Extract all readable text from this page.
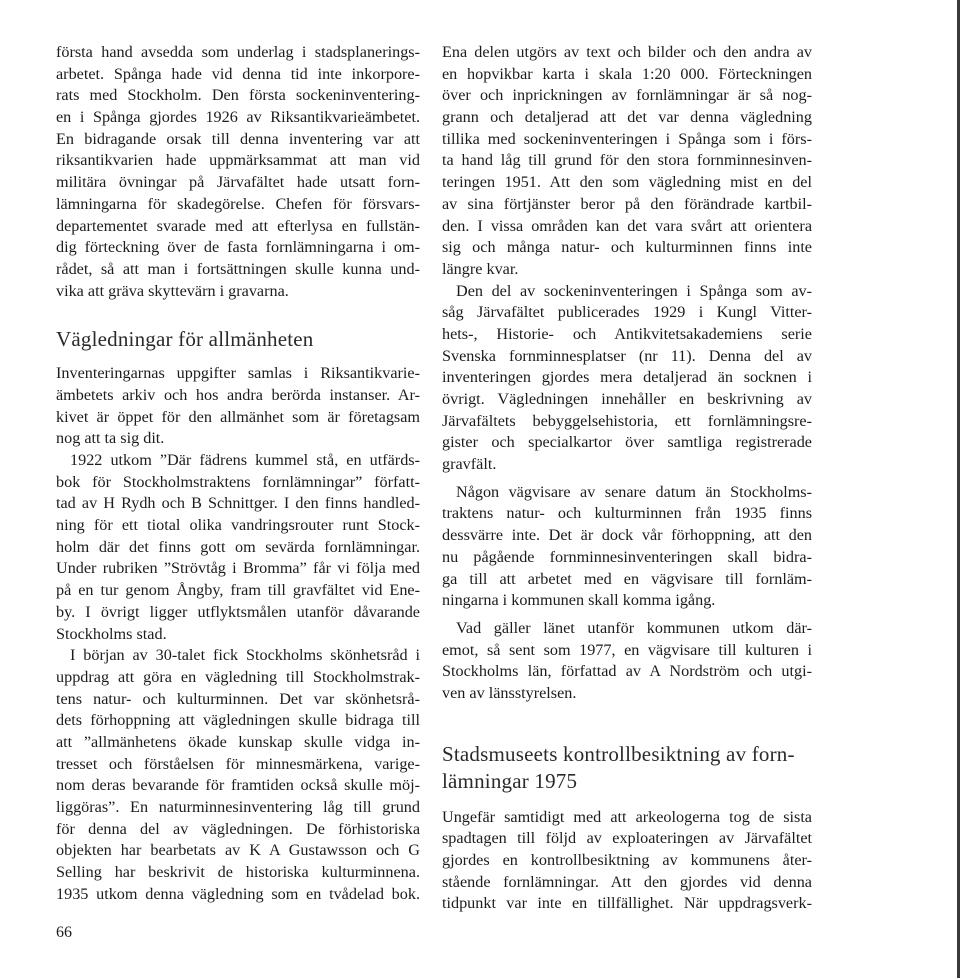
första hand avsedda som underlag i stadsplanerings-
arbetet. Spånga hade vid denna tid inte inkorpore-
rats med Stockholm. Den första sockeninventering-
en i Spånga gjordes 1926 av Riksantikvarieämbetet.
En bidragande orsak till denna inventering var att
riksantikvarien hade uppmärksammat att man vid
militära övningar på Järvafältet hade utsatt forn-
lämningarna för skadegörelse. Chefen för försvars-
departementet svarade med att efterlysa en fullstän-
dig förteckning över de fasta fornlämningarna i om-
rådet, så att man i fortsättningen skulle kunna und-
vika att gräva skyttevärn i gravarna.
Vägledningar för allmänheten
Inventeringarnas uppgifter samlas i Riksantikvarie-
ämbetets arkiv och hos andra berörda instanser. Ar-
kivet är öppet för den allmänhet som är företagsam
nog att ta sig dit.
1922 utkom ”Där fädrens kummel stå, en utfärds-
bok för Stockholmstraktens fornlämningar” författ-
tad av H Rydh och B Schnittger. I den finns handled-
ning för ett tiotal olika vandringsrouter runt Stock-
holm där det finns gott om sevärda fornlämningar.
Under rubriken ”Strövtåg i Bromma” får vi följa med
på en tur genom Ångby, fram till gravfältet vid Ene-
by. I övrigt ligger utflyktsmålen utanför dåvarande
Stockholms stad.
I början av 30-talet fick Stockholms skönhetsråd i
uppdrag att göra en vägledning till Stockholmstrak-
tens natur- och kulturminnen. Det var skönhetsrå-
dets förhoppning att vägledningen skulle bidraga till
att ”allmänhetens ökade kunskap skulle vidga in-
tresset och förståelsen för minnesmärkena, varige-
nom deras bevarande för framtiden också skulle möj-
liggöras”. En naturminnesinventering låg till grund
för denna del av vägledningen. De förhistoriska
objekten har bearbetats av K A Gustawsson och G
Selling har beskrivit de historiska kulturminnena.
1935 utkom denna vägledning som en tvådelad bok.
Ena delen utgörs av text och bilder och den andra av
en hopvikbar karta i skala 1:20 000. Förteckningen
över och inprickningen av fornlämningar är så nog-
grann och detaljerad att det var denna vägledning
tillika med sockeninventeringen i Spånga som i förs-
ta hand låg till grund för den stora fornminnesinven-
teringen 1951. Att den som vägledning mist en del
av sina förtjänster beror på den förändrade kartbil-
den. I vissa områden kan det vara svårt att orientera
sig och många natur- och kulturminnen finns inte
längre kvar.
Den del av sockeninventeringen i Spånga som av-
såg Järvafältet publicerades 1929 i Kungl Vitter-
hets-, Historie- och Antikvitetsakademiens serie
Svenska fornminnesplatser (nr 11). Denna del av
inventeringen gjordes mera detaljerad än socknen i
övrigt. Vägledningen innehåller en beskrivning av
Järvafältets bebyggelsehistoria, ett fornlämningsre-
gister och specialkartor över samtliga registrerade
gravfält.
Någon vägvisare av senare datum än Stockholms-
traktens natur- och kulturminnen från 1935 finns
dessvärre inte. Det är dock vår förhoppning, att den
nu pågående fornminnesinventeringen skall bidra-
ga till att arbetet med en vägvisare till fornläm-
ningarna i kommunen skall komma igång.
Vad gäller länet utanför kommunen utkom där-
emot, så sent som 1977, en vägvisare till kulturen i
Stockholms län, författad av A Nordström och utgi-
ven av länsstyrelsen.
Stadsmuseets kontrollbesiktning av forn-
lämningar 1975
Ungefär samtidigt med att arkeologerna tog de sista
spadtagen till följd av exploateringen av Järvafältet
gjordes en kontrollbesiktning av kommunens åter-
stående fornlämningar. Att den gjordes vid denna
tidpunkt var inte en tillfällighet. När uppdragsverk-
66
